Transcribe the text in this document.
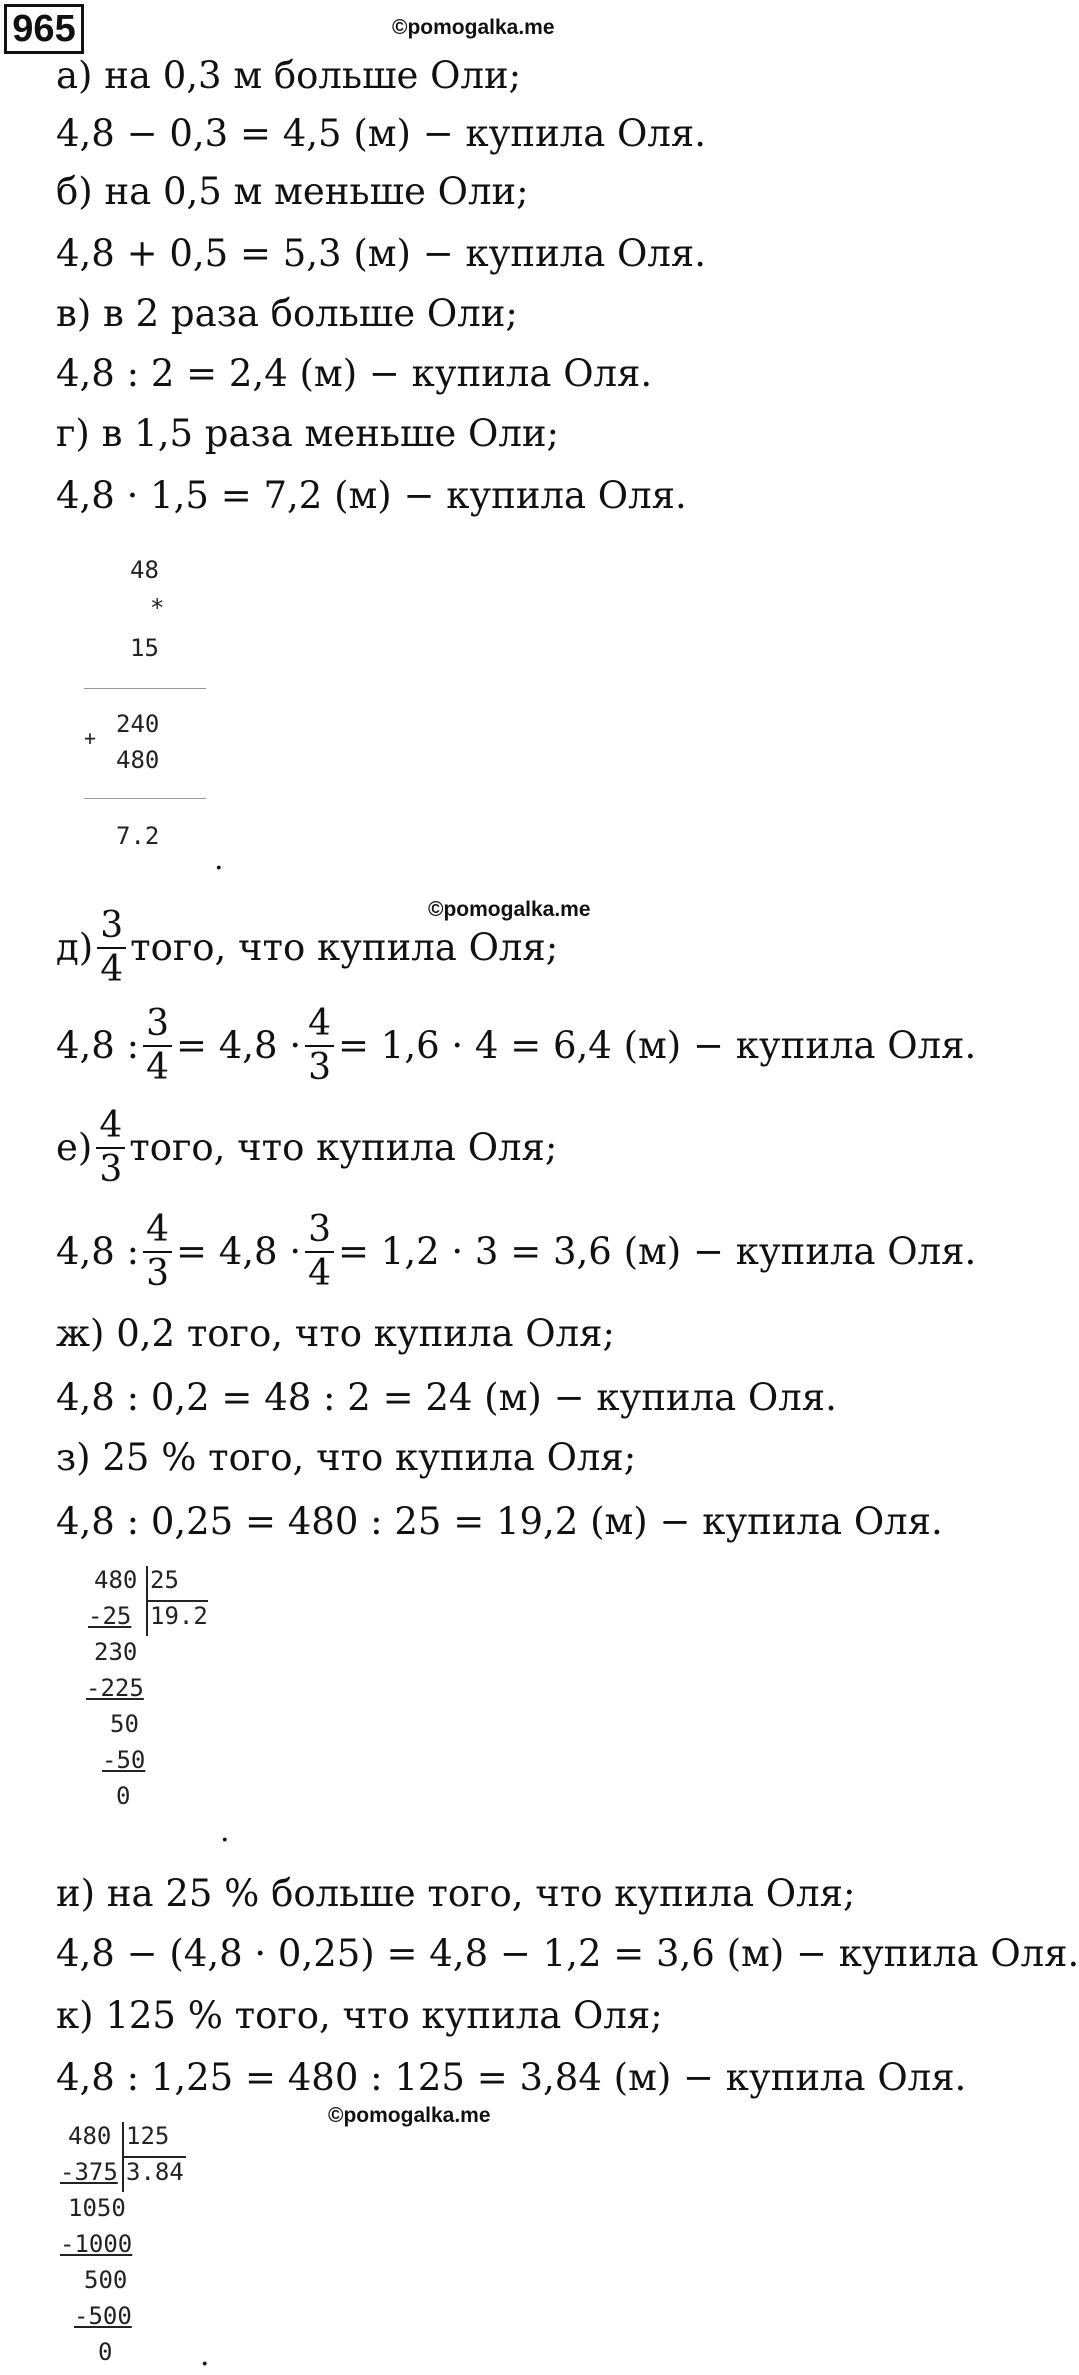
965	©pomogalka.me
а) на 0,3 м больше Оли;
4,8 − 0,3 = 4,5 (м) − купила Оля.
б) на 0,5 м меньше Оли;
4,8 + 0,5 = 5,3 (м) − купила Оля.
в) в 2 раза больше Оли;
4,8 : 2 = 2,4 (м) − купила Оля.
г) в 1,5 раза меньше Оли;
4,8 · 1,5 = 7,2 (м) − купила Оля.
48
*
15
240
+
480
7.2
.
©pomogalka.me
$д) \frac{3}{4}$ того, что купила Оля;
4,8 : $\frac{3}{4} = 4,8 \cdot \frac{4}{3} = 1,6 \cdot 4 = 6,4$ (м) − купила Оля.
$е) \frac{4}{3}$ того, что купила Оля;
4,8 : $\frac{4}{3} = 4,8 \cdot \frac{3}{4} = 1,2 \cdot 3 = 3,6$ (м) − купила Оля.
ж) 0,2 того, что купила Оля;
4,8 : 0,2 = 48 : 2 = 24 (м) − купила Оля.
з) 25 % того, что купила Оля;
4,8 : 0,25 = 480 : 25 = 19,2 (м) − купила Оля.
480 25
-25 19.2
230
-225
50
-50
0
.
и) на 25 % больше того, что купила Оля;
4,8 − (4,8 · 0,25) = 4,8 − 1,2 = 3,6 (м) − купила Оля.
к) 125 % того, что купила Оля;
4,8 : 1,25 = 480 : 125 = 3,84 (м) − купила Оля.
©pomogalka.me
480 125
-375 3.84
1050
-1000
500
-500
0	.
